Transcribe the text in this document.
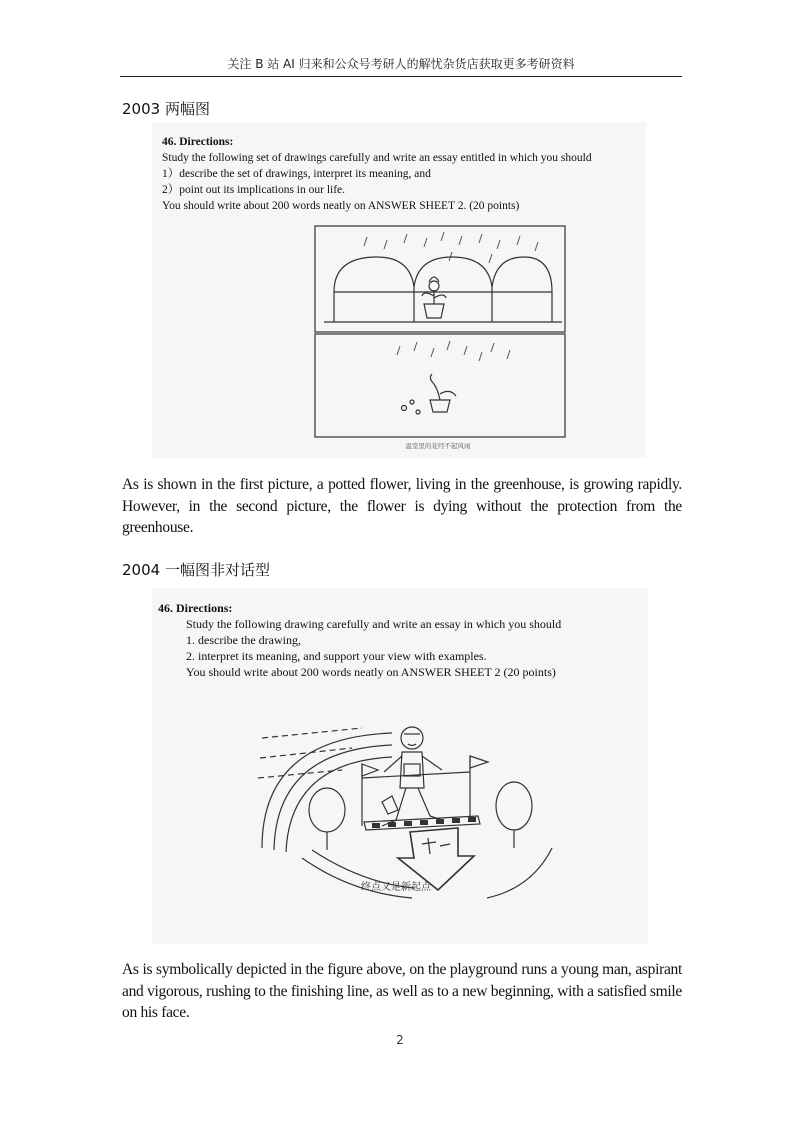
关注 B 站 AI 归来和公众号考研人的解忧杂货店获取更多考研资料
2003 两幅图
46. Directions:
Study the following set of drawings carefully and write an essay entitled in which you should
1）describe the set of drawings, interpret its meaning, and
2）point out its implications in our life.
You should write about 200 words neatly on ANSWER SHEET 2. (20 points)
温室里的花经不起风雨
As is shown in the first picture, a potted flower, living in the greenhouse, is growing rapidly. However, in the second picture, the flower is dying without the protection from the greenhouse.
2004 一幅图非对话型
46. Directions:
Study the following drawing carefully and write an essay in which you should
1. describe the drawing,
2. interpret its meaning, and support your view with examples.
You should write about 200 words neatly on ANSWER SHEET 2 (20 points)
终点又是新起点
As is symbolically depicted in the figure above, on the playground runs a young man, aspirant and vigorous, rushing to the finishing line, as well as to a new beginning, with a satisfied smile on his face.
2
